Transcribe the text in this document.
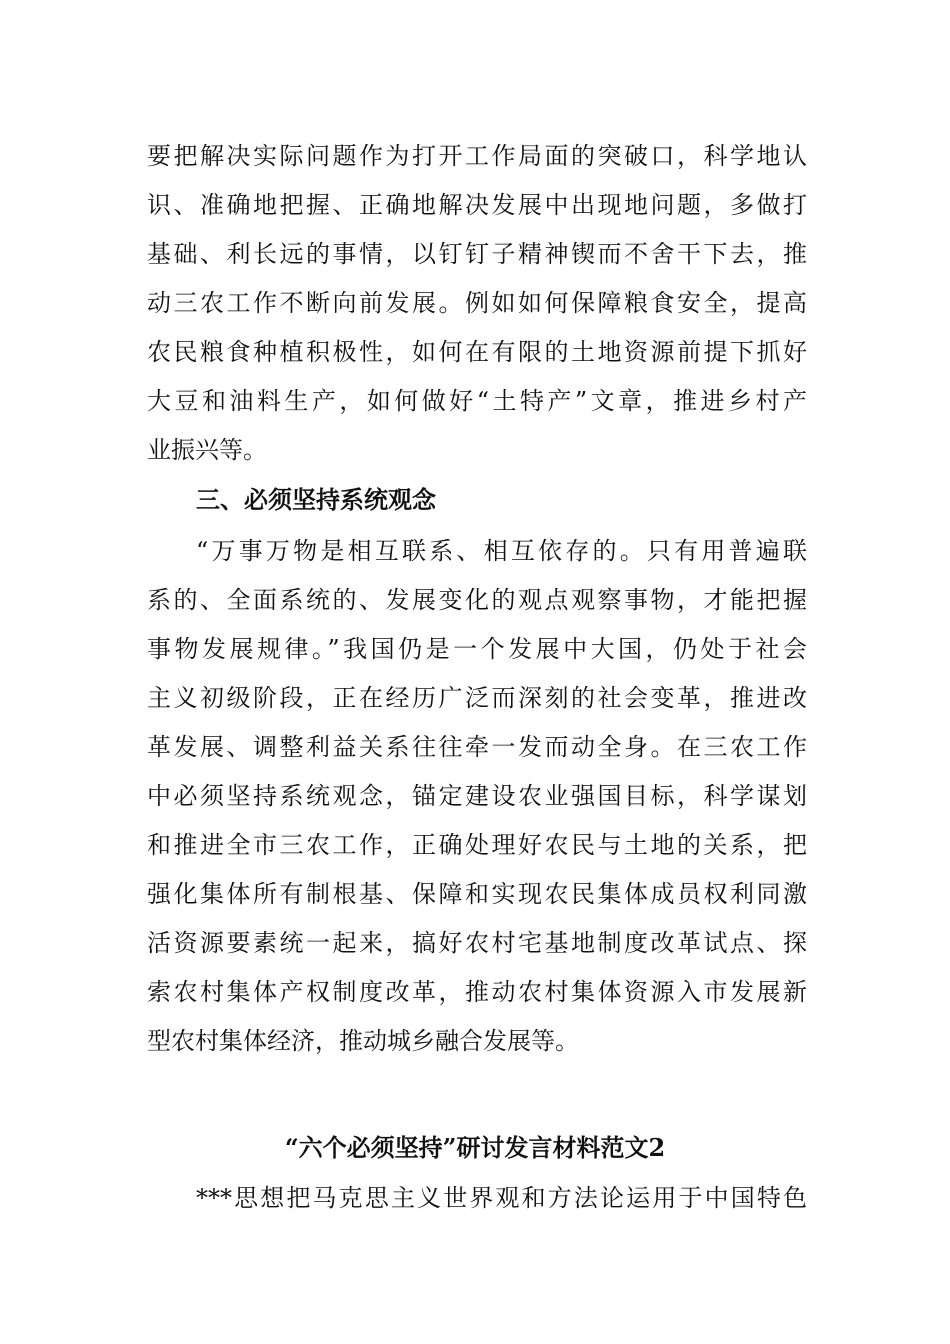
要把解决实际问题作为打开工作局面的突破口，科学地认
识、准确地把握、正确地解决发展中出现地问题，多做打
基础、利长远的事情，以钉钉子精神锲而不舍干下去，推
动三农工作不断向前发展。例如如何保障粮食安全，提高
农民粮食种植积极性，如何在有限的土地资源前提下抓好
大豆和油料生产，如何做好“土特产”文章，推进乡村产
业振兴等。
三、必须坚持系统观念
“万事万物是相互联系、相互依存的。只有用普遍联
系的、全面系统的、发展变化的观点观察事物，才能把握
事物发展规律。”我国仍是一个发展中大国，仍处于社会
主义初级阶段，正在经历广泛而深刻的社会变革，推进改
革发展、调整利益关系往往牵一发而动全身。在三农工作
中必须坚持系统观念，锚定建设农业强国目标，科学谋划
和推进全市三农工作，正确处理好农民与土地的关系，把
强化集体所有制根基、保障和实现农民集体成员权利同激
活资源要素统一起来，搞好农村宅基地制度改革试点、探
索农村集体产权制度改革，推动农村集体资源入市发展新
型农村集体经济，推动城乡融合发展等。
“六个必须坚持”研讨发言材料范文2
***思想把马克思主义世界观和方法论运用于中国特色
